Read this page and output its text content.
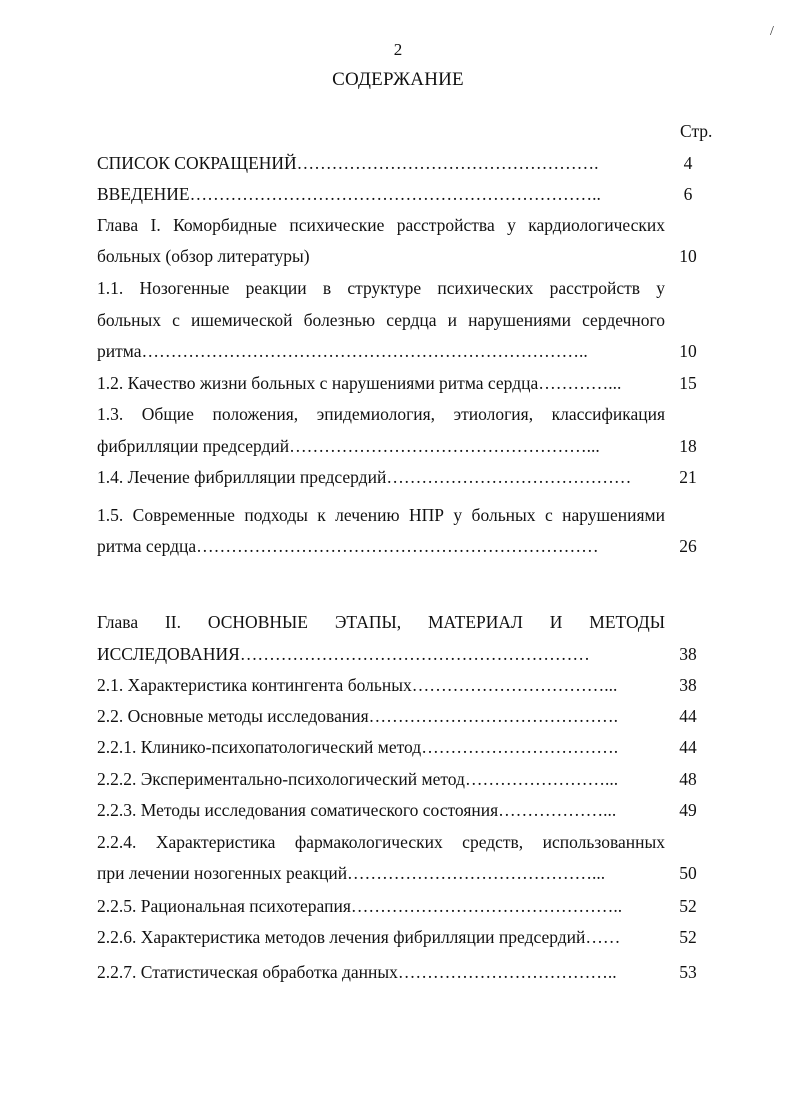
/
2
СОДЕРЖАНИЕ
Стр.
СПИСОК СОКРАЩЕНИЙ…………………………………………….	4
ВВЕДЕНИЕ……………………………………………………………..	6
Глава I. Коморбидные психические расстройства у кардиологических
больных (обзор литературы)	10
1.1. Нозогенные реакции в структуре психических расстройств у
больных с ишемической болезнью сердца и нарушениями сердечного
ритма…………………………………………………………………..	10
1.2. Качество жизни больных с нарушениями ритма сердца…………...	15
1.3. Общие положения, эпидемиология, этиология, классификация
фибрилляции предсердий……………………………………………...	18
1.4. Лечение фибрилляции предсердий……………………………………	21
1.5. Современные подходы к лечению НПР у больных с нарушениями
ритма сердца……………………………………………………………	26
Глава II. ОСНОВНЫЕ ЭТАПЫ, МАТЕРИАЛ И МЕТОДЫ
ИССЛЕДОВАНИЯ……………………………………………………	38
2.1. Характеристика контингента больных……………………………...	38
2.2. Основные методы исследования…………………………………….	44
2.2.1. Клинико-психопатологический метод…………………………….	44
2.2.2. Экспериментально-психологический метод……………………...	48
2.2.3. Методы исследования соматического состояния………………...	49
2.2.4. Характеристика фармакологических средств, использованных
при лечении нозогенных реакций……………………………………...	50
2.2.5. Рациональная психотерапия………………………………………..	52
2.2.6. Характеристика методов лечения фибрилляции предсердий……	52
2.2.7. Статистическая обработка данных………………………………..	53
